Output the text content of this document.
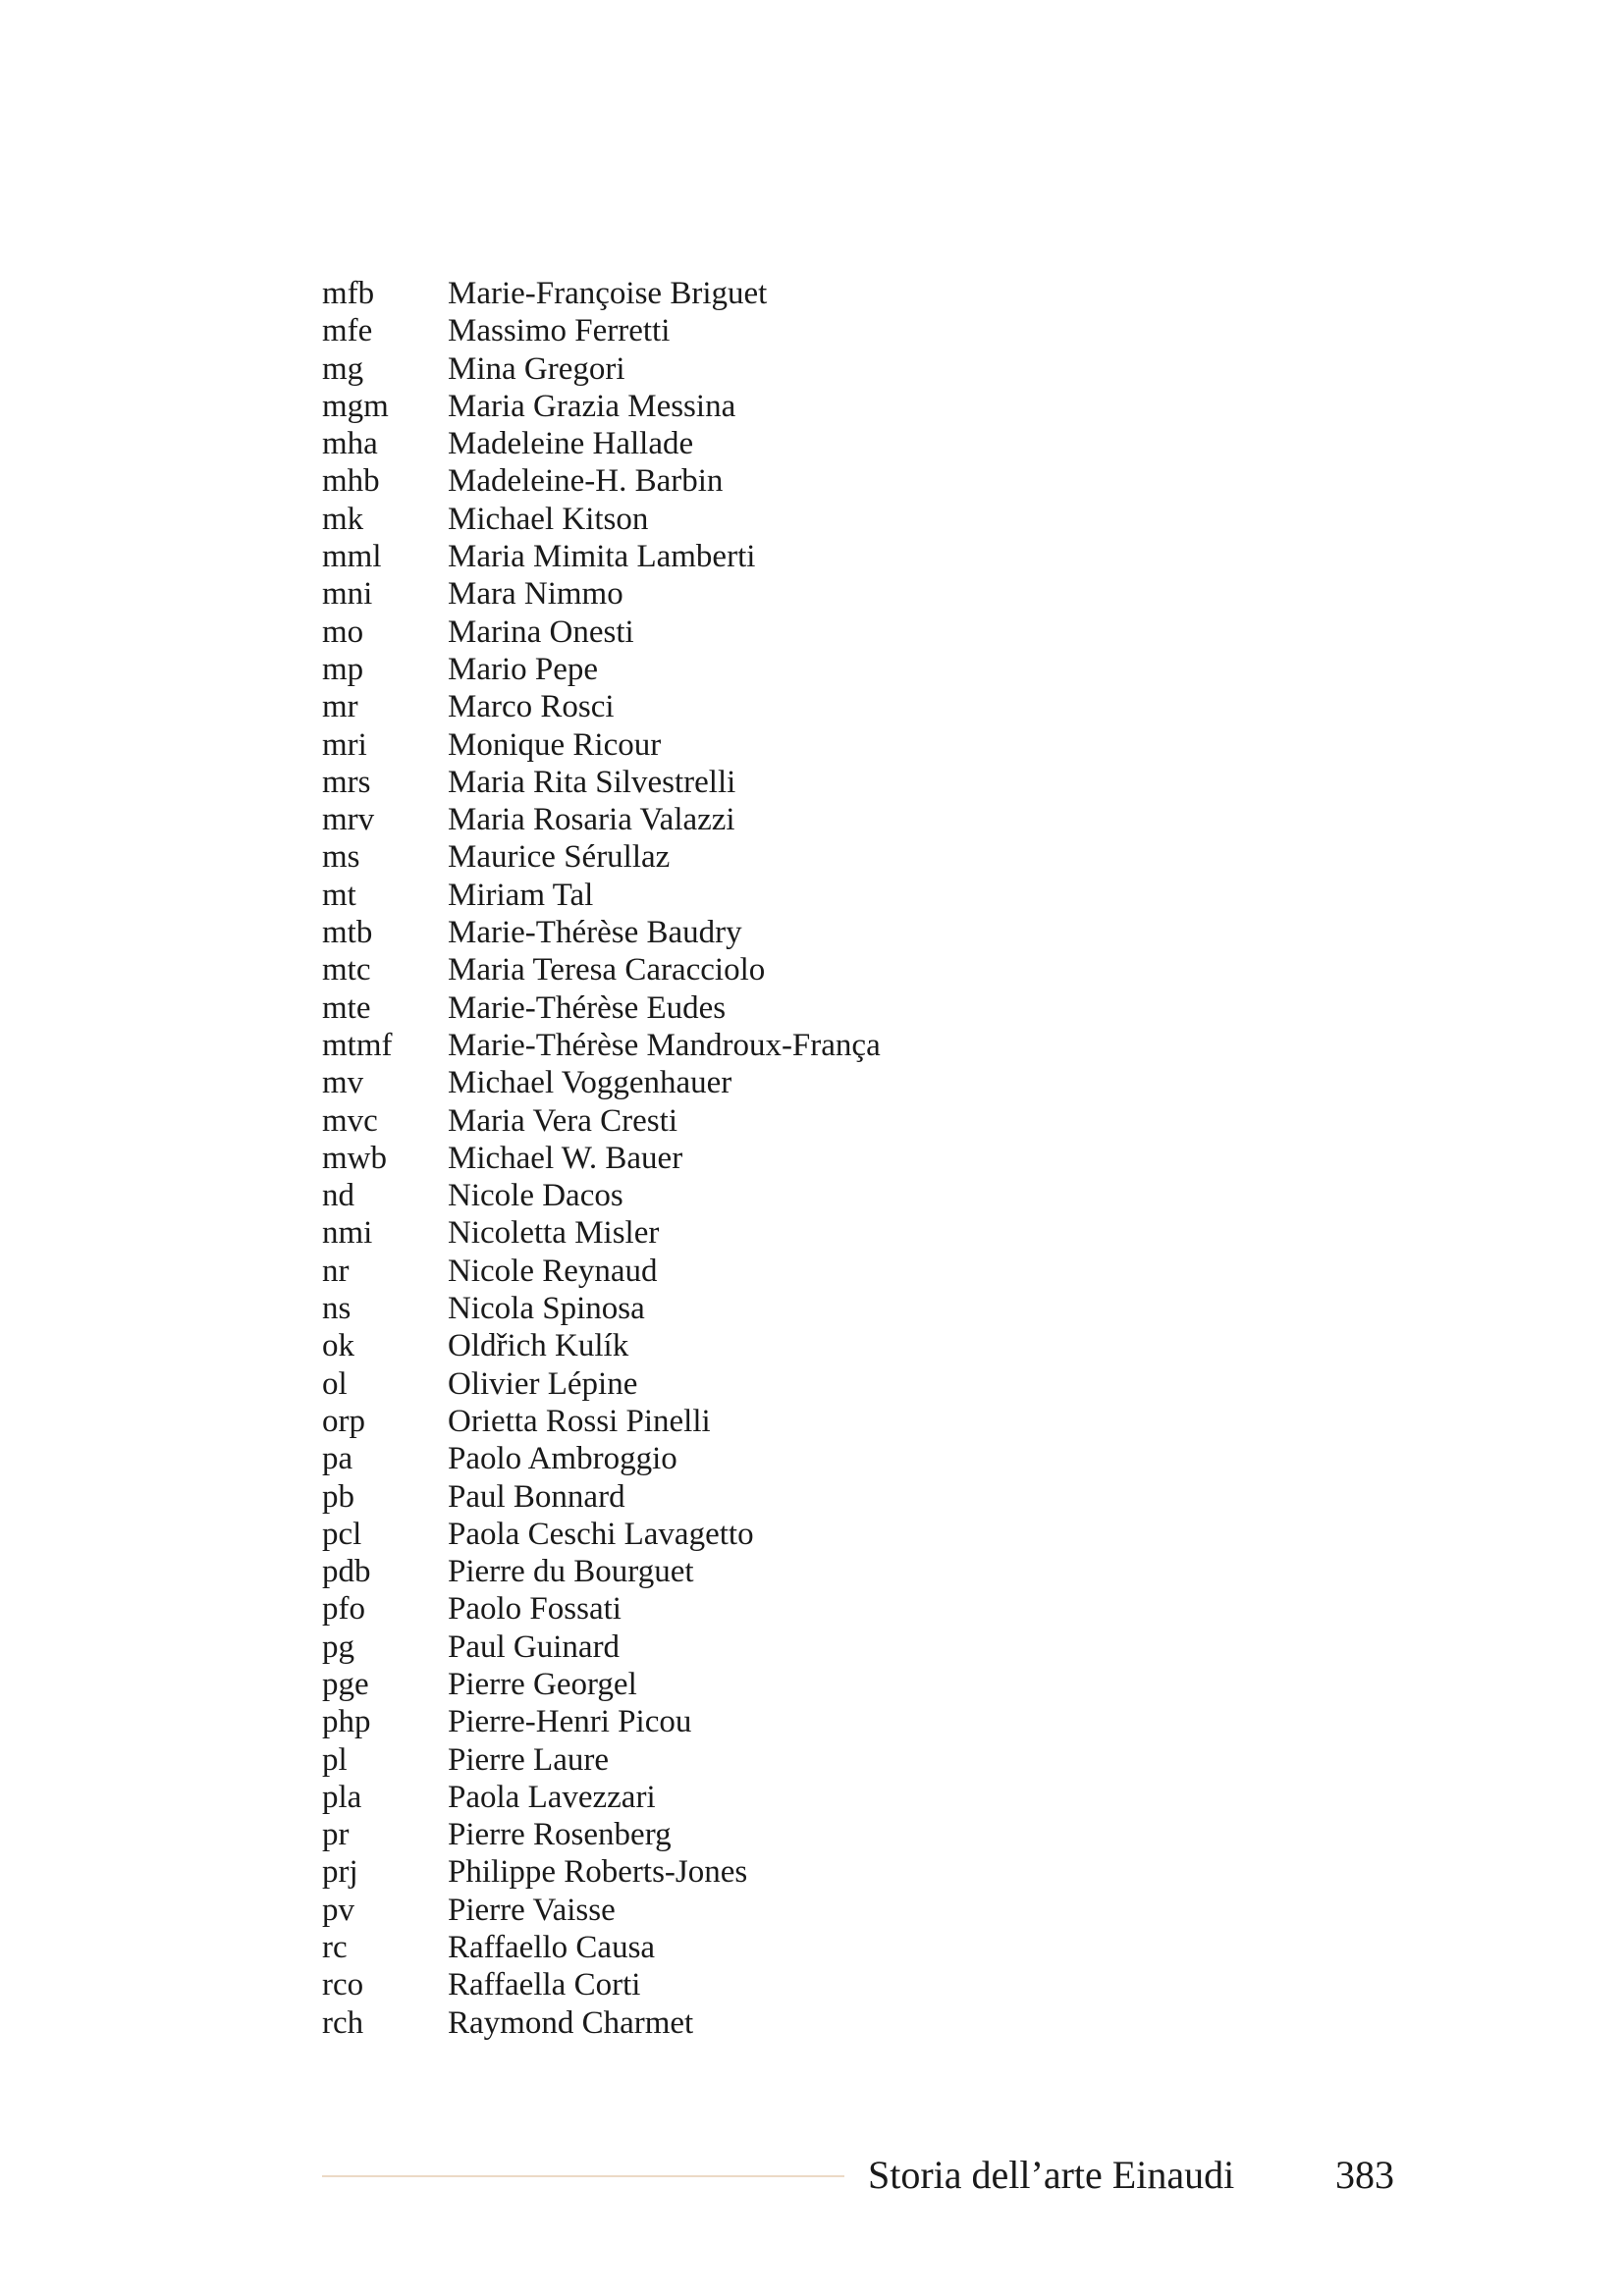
mfb	Marie-Françoise Briguet
mfe	Massimo Ferretti
mg	Mina Gregori
mgm	Maria Grazia Messina
mha	Madeleine Hallade
mhb	Madeleine-H. Barbin
mk	Michael Kitson
mml	Maria Mimita Lamberti
mni	Mara Nimmo
mo	Marina Onesti
mp	Mario Pepe
mr	Marco Rosci
mri	Monique Ricour
mrs	Maria Rita Silvestrelli
mrv	Maria Rosaria Valazzi
ms	Maurice Sérullaz
mt	Miriam Tal
mtb	Marie-Thérèse Baudry
mtc	Maria Teresa Caracciolo
mte	Marie-Thérèse Eudes
mtmf	Marie-Thérèse Mandroux-França
mv	Michael Voggenhauer
mvc	Maria Vera Cresti
mwb	Michael W. Bauer
nd	Nicole Dacos
nmi	Nicoletta Misler
nr	Nicole Reynaud
ns	Nicola Spinosa
ok	Oldřich Kulík
ol	Olivier Lépine
orp	Orietta Rossi Pinelli
pa	Paolo Ambroggio
pb	Paul Bonnard
pcl	Paola Ceschi Lavagetto
pdb	Pierre du Bourguet
pfo	Paolo Fossati
pg	Paul Guinard
pge	Pierre Georgel
php	Pierre-Henri Picou
pl	Pierre Laure
pla	Paola Lavezzari
pr	Pierre Rosenberg
prj	Philippe Roberts-Jones
pv	Pierre Vaisse
rc	Raffaello Causa
rco	Raffaella Corti
rch	Raymond Charmet
Storia dell’arte Einaudi	383
